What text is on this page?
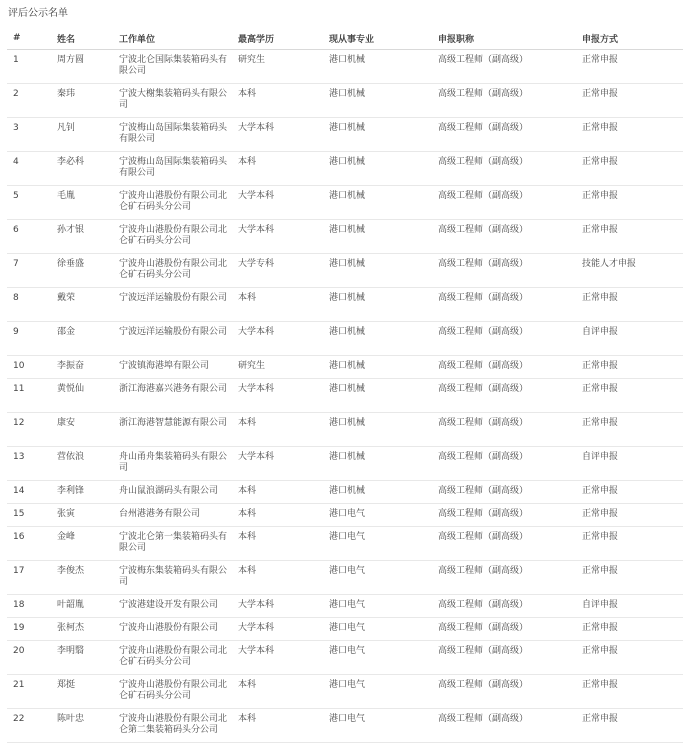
评后公示名单
#	姓名	工作单位	最高学历	现从事专业	申报职称	申报方式
1	周方圆	宁波北仑国际集装箱码头有限公司	研究生	港口机械	高级工程师（副高级）	正常申报
2	秦玮	宁波大榭集装箱码头有限公司	本科	港口机械	高级工程师（副高级）	正常申报
3	凡钊	宁波梅山岛国际集装箱码头有限公司	大学本科	港口机械	高级工程师（副高级）	正常申报
4	李必科	宁波梅山岛国际集装箱码头有限公司	本科	港口机械	高级工程师（副高级）	正常申报
5	毛胤	宁波舟山港股份有限公司北仑矿石码头分公司	大学本科	港口机械	高级工程师（副高级）	正常申报
6	孙才银	宁波舟山港股份有限公司北仑矿石码头分公司	大学本科	港口机械	高级工程师（副高级）	正常申报
7	徐垂盛	宁波舟山港股份有限公司北仑矿石码头分公司	大学专科	港口机械	高级工程师（副高级）	技能人才申报
8	戴荣	宁波远洋运输股份有限公司	本科	港口机械	高级工程师（副高级）	正常申报
9	邵金	宁波远洋运输股份有限公司	大学本科	港口机械	高级工程师（副高级）	自评申报
10	李振奋	宁波镇海港埠有限公司	研究生	港口机械	高级工程师（副高级）	正常申报
11	黄悦仙	浙江海港嘉兴港务有限公司	大学本科	港口机械	高级工程师（副高级）	正常申报
12	康安	浙江海港智慧能源有限公司	本科	港口机械	高级工程师（副高级）	正常申报
13	营依浪	舟山甬舟集装箱码头有限公司	大学本科	港口机械	高级工程师（副高级）	自评申报
14	李利锋	舟山鼠浪湖码头有限公司	本科	港口机械	高级工程师（副高级）	正常申报
15	张寅	台州港港务有限公司	本科	港口电气	高级工程师（副高级）	正常申报
16	金峰	宁波北仑第一集装箱码头有限公司	本科	港口电气	高级工程师（副高级）	正常申报
17	李俊杰	宁波梅东集装箱码头有限公司	本科	港口电气	高级工程师（副高级）	正常申报
18	叶韶胤	宁波港建设开发有限公司	大学本科	港口电气	高级工程师（副高级）	自评申报
19	张柯杰	宁波舟山港股份有限公司	大学本科	港口电气	高级工程师（副高级）	正常申报
20	李明翳	宁波舟山港股份有限公司北仑矿石码头分公司	大学本科	港口电气	高级工程师（副高级）	正常申报
21	郑挺	宁波舟山港股份有限公司北仑矿石码头分公司	本科	港口电气	高级工程师（副高级）	正常申报
22	陈叶忠	宁波舟山港股份有限公司北仑第二集装箱码头分公司	本科	港口电气	高级工程师（副高级）	正常申报
